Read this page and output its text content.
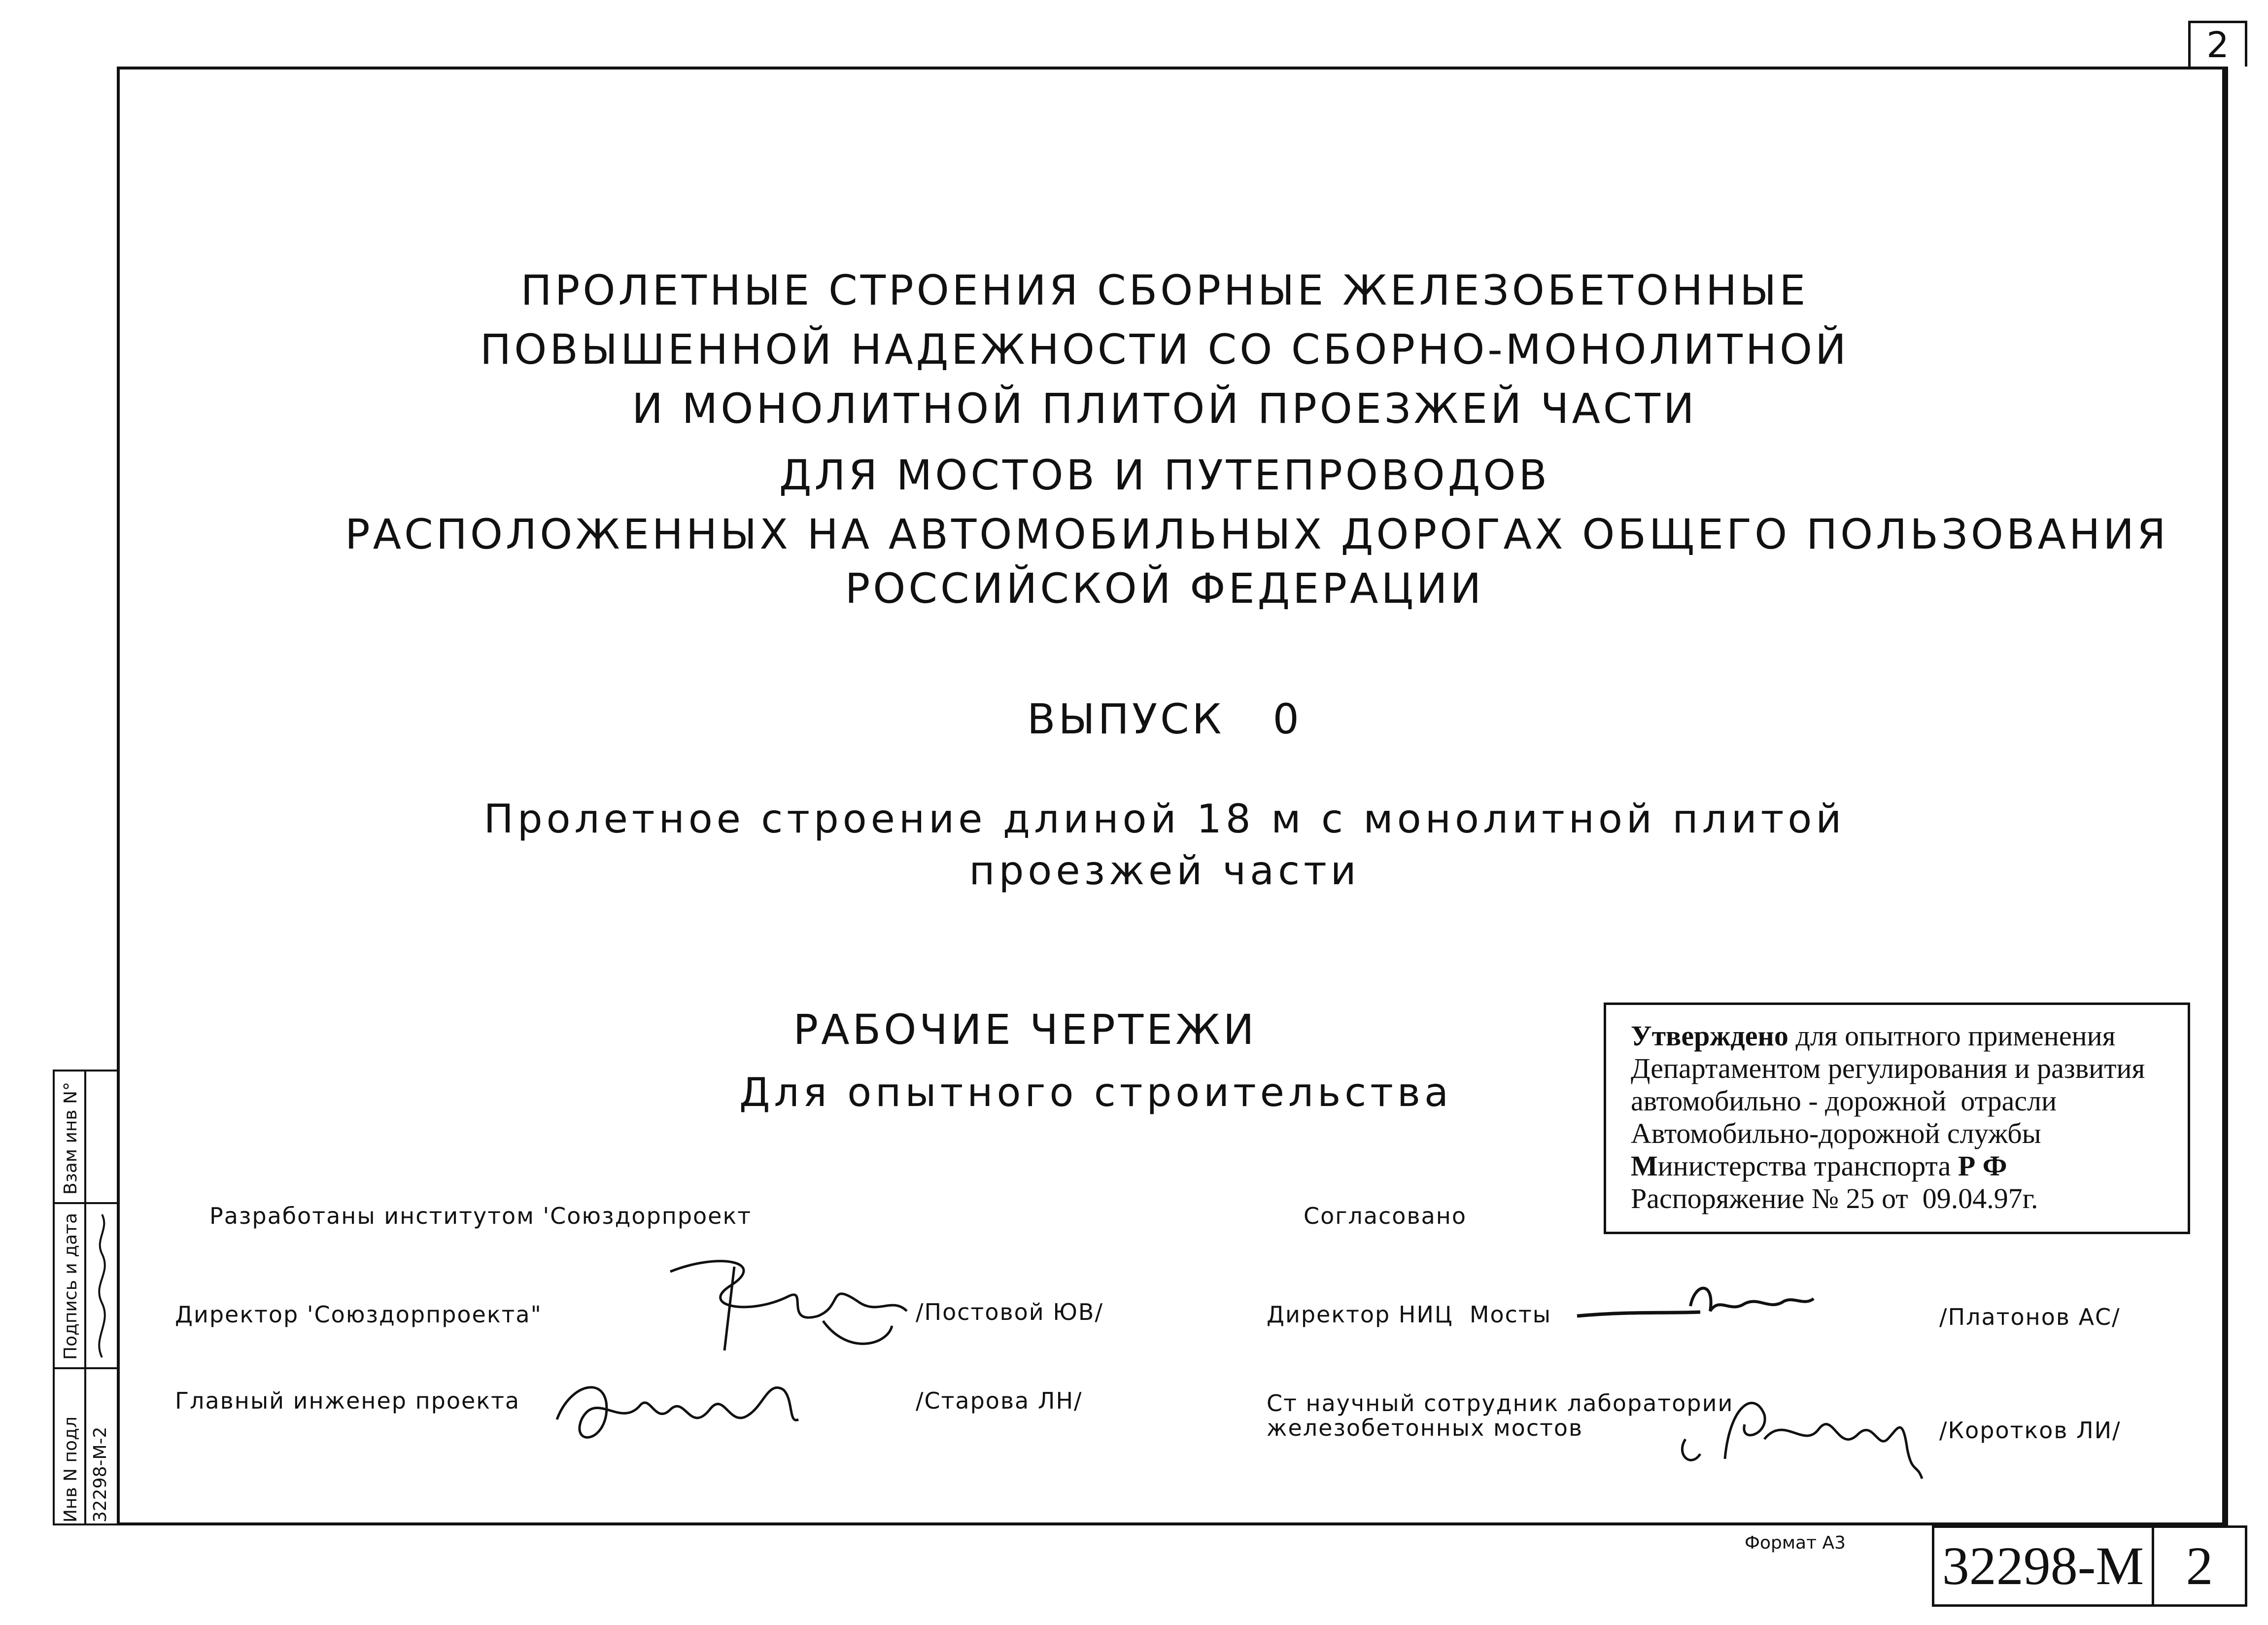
2
ПРОЛЕТНЫЕ СТРОЕНИЯ СБОРНЫЕ ЖЕЛЕЗОБЕТОННЫЕ
ПОВЫШЕННОЙ НАДЕЖНОСТИ СО СБОРНО-МОНОЛИТНОЙ
И МОНОЛИТНОЙ ПЛИТОЙ ПРОЕЗЖЕЙ ЧАСТИ
ДЛЯ МОСТОВ И ПУТЕПРОВОДОВ
РАСПОЛОЖЕННЫХ НА АВТОМОБИЛЬНЫХ ДОРОГАХ ОБЩЕГО ПОЛЬЗОВАНИЯ
РОССИЙСКОЙ ФЕДЕРАЦИИ
ВЫПУСК   0
Пролетное строение длиной 18 м с монолитной плитой
проезжей части
РАБОЧИЕ ЧЕРТЕЖИ
Для опытного строительства
Утверждено для опытного применения
Департаментом регулирования и развития
автомобильно - дорожной  отрасли
Автомобильно-дорожной службы
Министерства транспорта Р Ф
Распоряжение № 25 от  09.04.97г.
Разработаны институтом 'Союздорпроект	Согласовано
Директор 'Союздорпроекта"	/Постовой ЮВ/
Главный инженер проекта	/Старова ЛН/
Директор НИЦ  Мосты	/Платонов АС/
Ст научный сотрудник лаборатории
железобетонных мостов	/Коротков ЛИ/
Взам инв N°
Подпись и дата
Инв N подл 32298-М-2
Формат А3 32298-М 2
